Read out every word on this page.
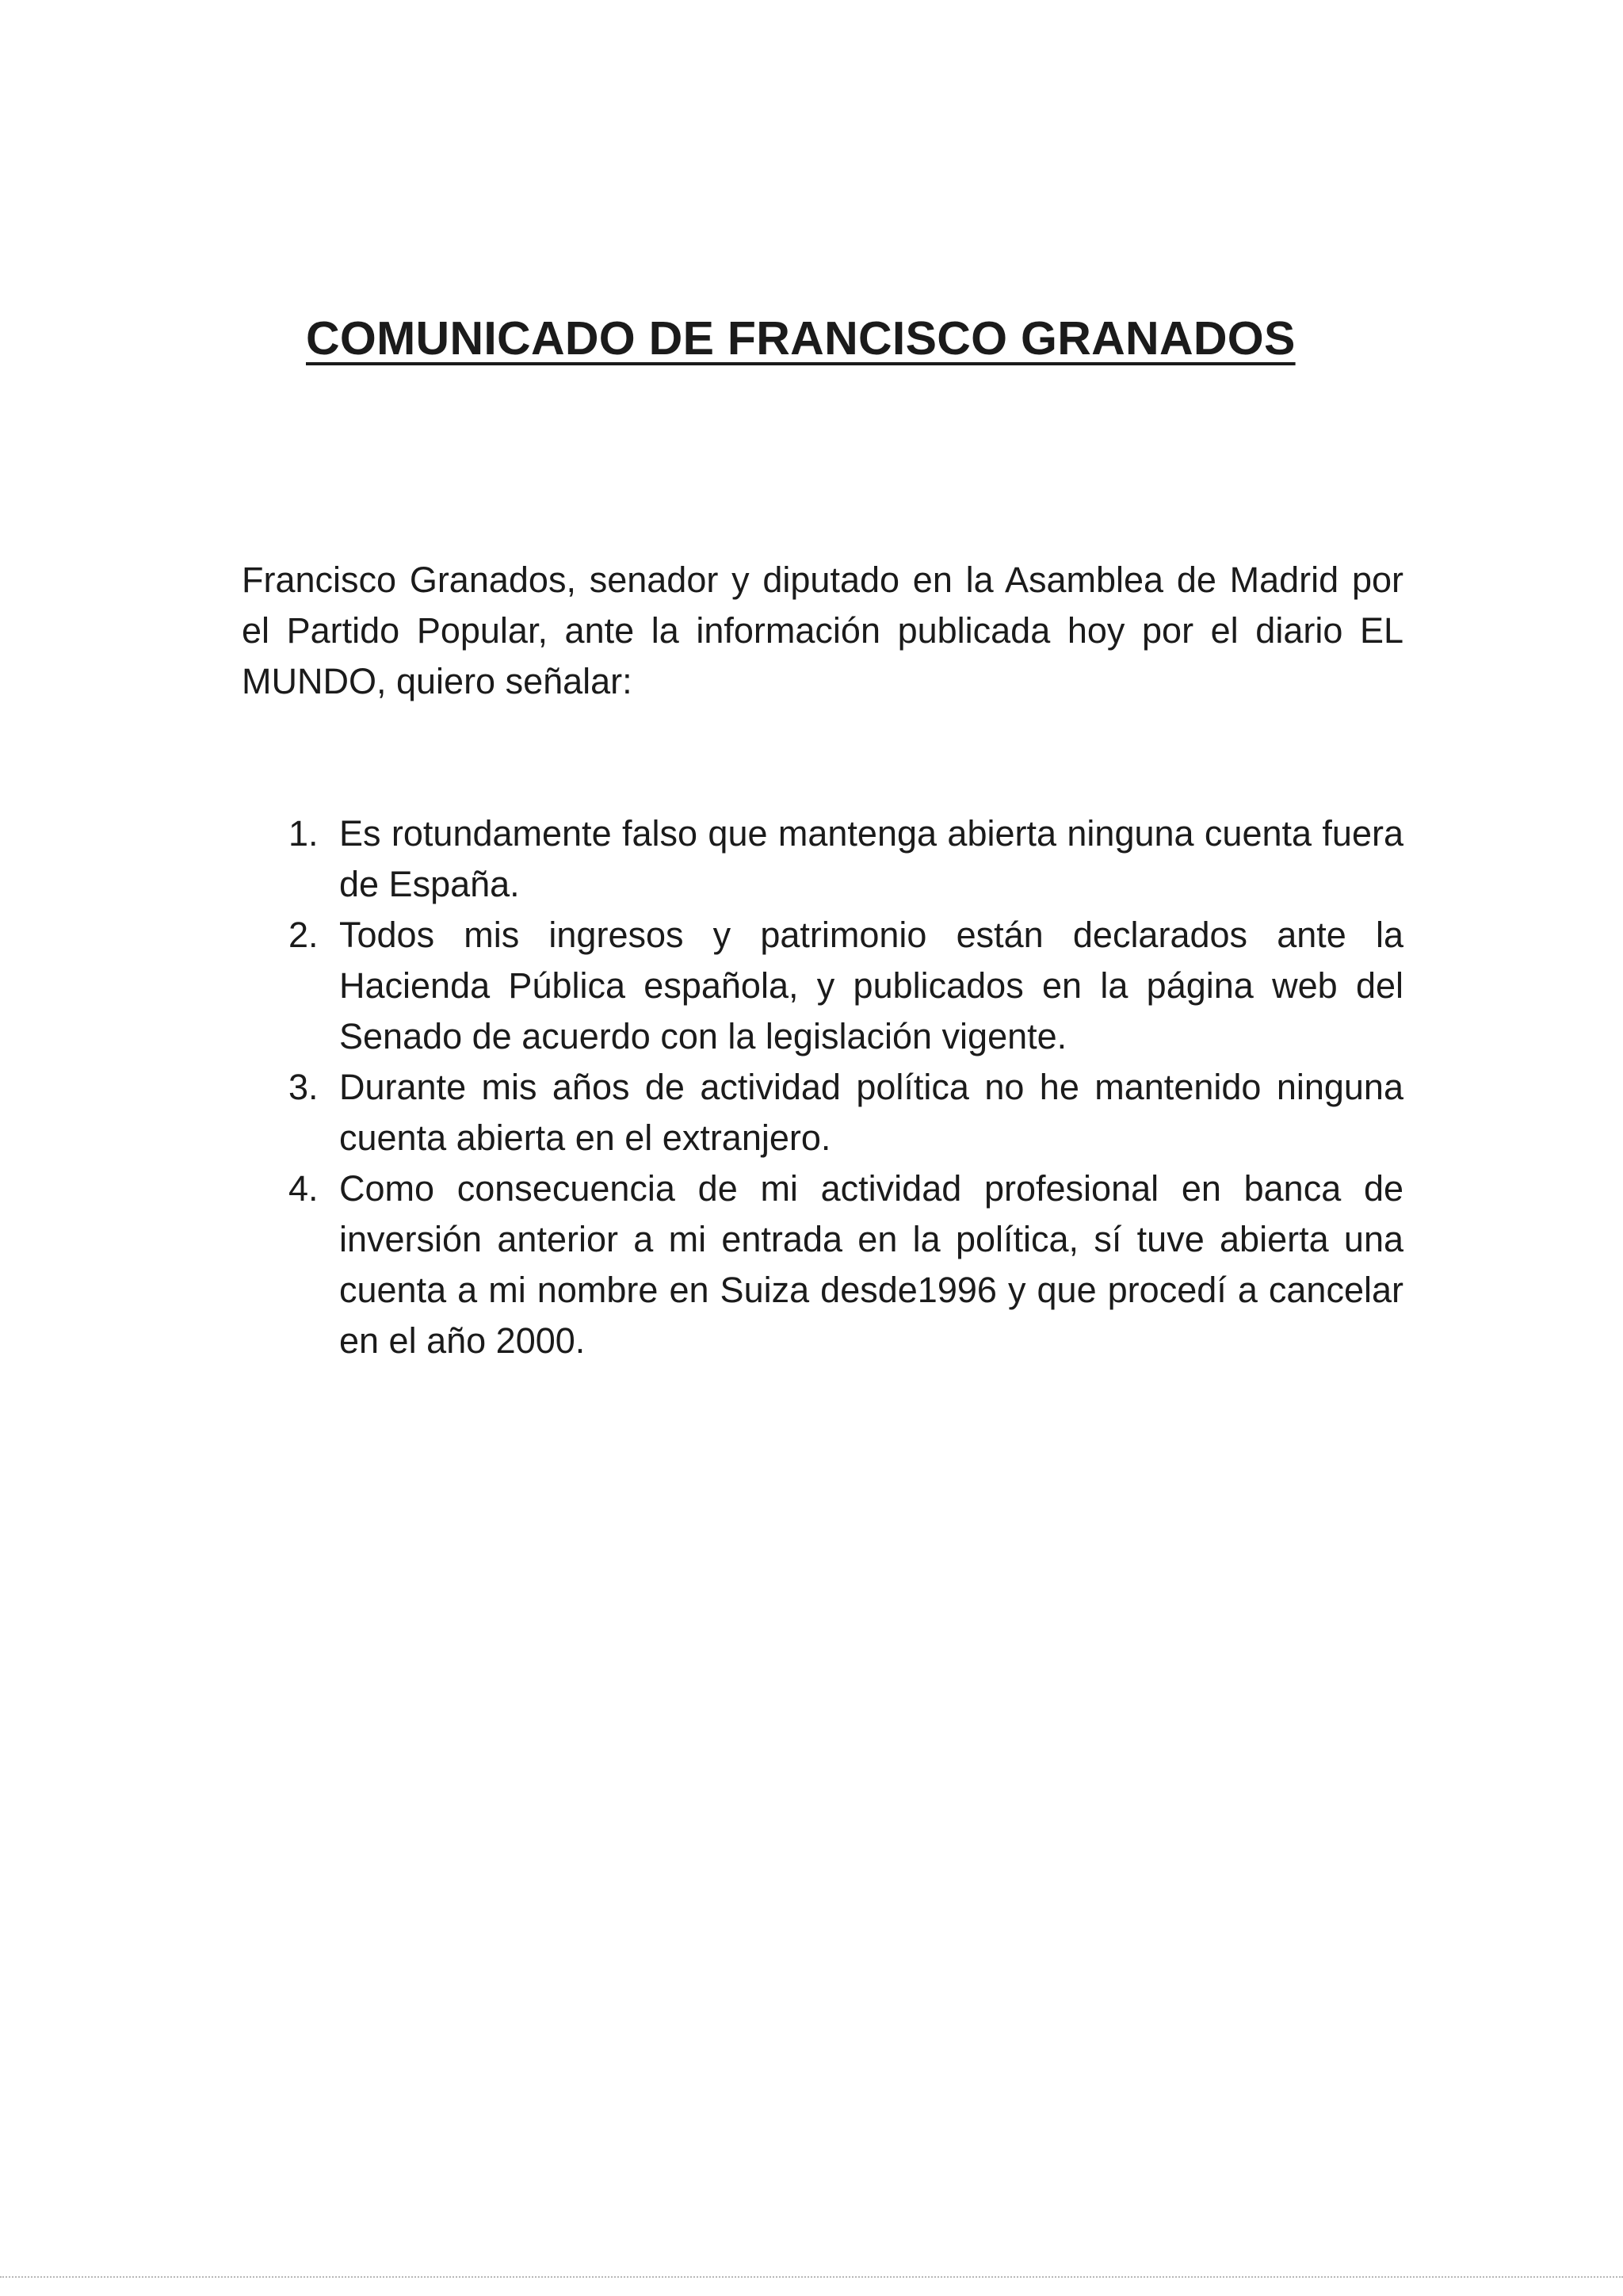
COMUNICADO DE FRANCISCO GRANADOS

Francisco Granados, senador y diputado en la Asamblea de Madrid por el Partido Popular, ante la información publicada hoy por el diario EL MUNDO, quiero señalar:

1. Es rotundamente falso que mantenga abierta ninguna cuenta fuera de España.
2. Todos mis ingresos y patrimonio están declarados ante la Hacienda Pública española, y publicados en la página web del Senado de acuerdo con la legislación vigente.
3. Durante mis años de actividad política no he mantenido ninguna cuenta abierta en el extranjero.
4. Como consecuencia de mi actividad profesional en banca de inversión anterior a mi entrada en la política, sí tuve abierta una cuenta a mi nombre en Suiza desde1996 y que procedí a cancelar en el año 2000.
